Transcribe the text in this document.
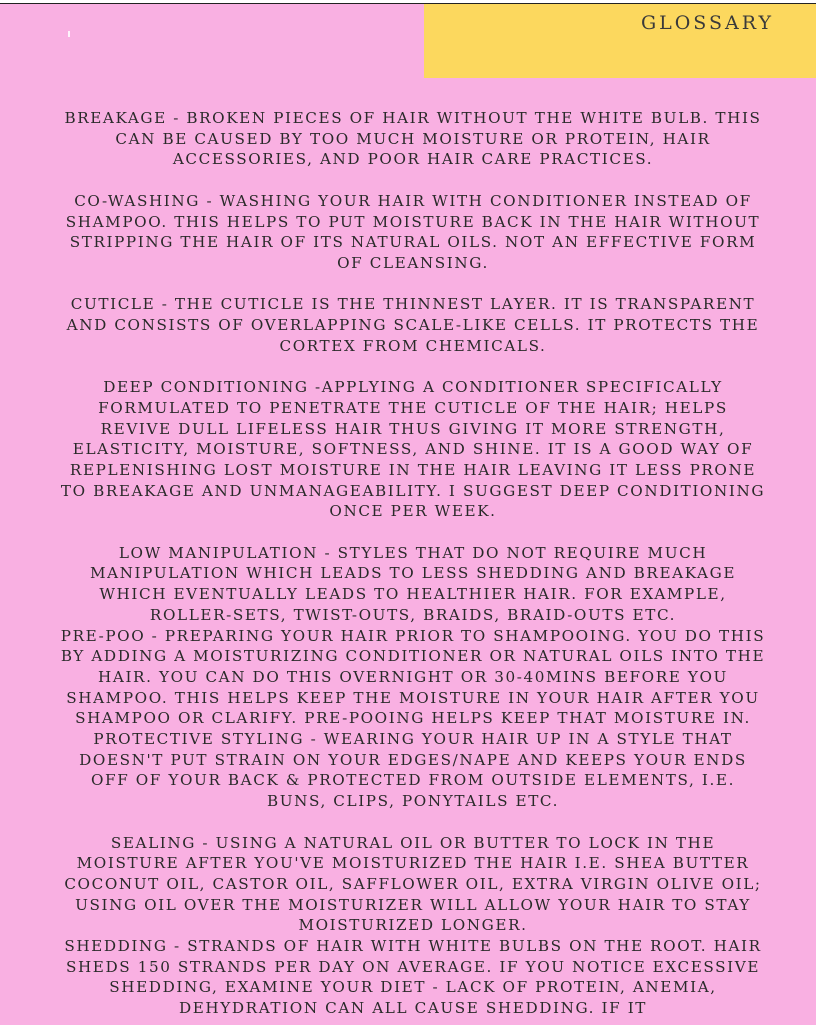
GLOSSARY

BREAKAGE - BROKEN PIECES OF HAIR WITHOUT THE WHITE BULB. THIS CAN BE CAUSED BY TOO MUCH MOISTURE OR PROTEIN, HAIR ACCESSORIES, AND POOR HAIR CARE PRACTICES.

CO-WASHING - WASHING YOUR HAIR WITH CONDITIONER INSTEAD OF SHAMPOO. THIS HELPS TO PUT MOISTURE BACK IN THE HAIR WITHOUT STRIPPING THE HAIR OF ITS NATURAL OILS. NOT AN EFFECTIVE FORM OF CLEANSING.

CUTICLE - THE CUTICLE IS THE THINNEST LAYER. IT IS TRANSPARENT AND CONSISTS OF OVERLAPPING SCALE-LIKE CELLS. IT PROTECTS THE CORTEX FROM CHEMICALS.

DEEP CONDITIONING -APPLYING A CONDITIONER SPECIFICALLY FORMULATED TO PENETRATE THE CUTICLE OF THE HAIR; HELPS REVIVE DULL LIFELESS HAIR THUS GIVING IT MORE STRENGTH, ELASTICITY, MOISTURE, SOFTNESS, AND SHINE. IT IS A GOOD WAY OF REPLENISHING LOST MOISTURE IN THE HAIR LEAVING IT LESS PRONE TO BREAKAGE AND UNMANAGEABILITY. I SUGGEST DEEP CONDITIONING ONCE PER WEEK.

LOW MANIPULATION - STYLES THAT DO NOT REQUIRE MUCH MANIPULATION WHICH LEADS TO LESS SHEDDING AND BREAKAGE WHICH EVENTUALLY LEADS TO HEALTHIER HAIR. FOR EXAMPLE, ROLLER-SETS, TWIST-OUTS, BRAIDS, BRAID-OUTS ETC.

PRE-POO - PREPARING YOUR HAIR PRIOR TO SHAMPOOING. YOU DO THIS BY ADDING A MOISTURIZING CONDITIONER OR NATURAL OILS INTO THE HAIR. YOU CAN DO THIS OVERNIGHT OR 30-40MINS BEFORE YOU SHAMPOO. THIS HELPS KEEP THE MOISTURE IN YOUR HAIR AFTER YOU SHAMPOO OR CLARIFY. PRE-POOING HELPS KEEP THAT MOISTURE IN.

PROTECTIVE STYLING - WEARING YOUR HAIR UP IN A STYLE THAT DOESN'T PUT STRAIN ON YOUR EDGES/NAPE AND KEEPS YOUR ENDS OFF OF YOUR BACK & PROTECTED FROM OUTSIDE ELEMENTS, I.E. BUNS, CLIPS, PONYTAILS ETC.

SEALING - USING A NATURAL OIL OR BUTTER TO LOCK IN THE MOISTURE AFTER YOU'VE MOISTURIZED THE HAIR I.E. SHEA BUTTER COCONUT OIL, CASTOR OIL, SAFFLOWER OIL, EXTRA VIRGIN OLIVE OIL; USING OIL OVER THE MOISTURIZER WILL ALLOW YOUR HAIR TO STAY MOISTURIZED LONGER.

SHEDDING - STRANDS OF HAIR WITH WHITE BULBS ON THE ROOT. HAIR SHEDS 150 STRANDS PER DAY ON AVERAGE. IF YOU NOTICE EXCESSIVE SHEDDING, EXAMINE YOUR DIET - LACK OF PROTEIN, ANEMIA, DEHYDRATION CAN ALL CAUSE SHEDDING. IF IT
